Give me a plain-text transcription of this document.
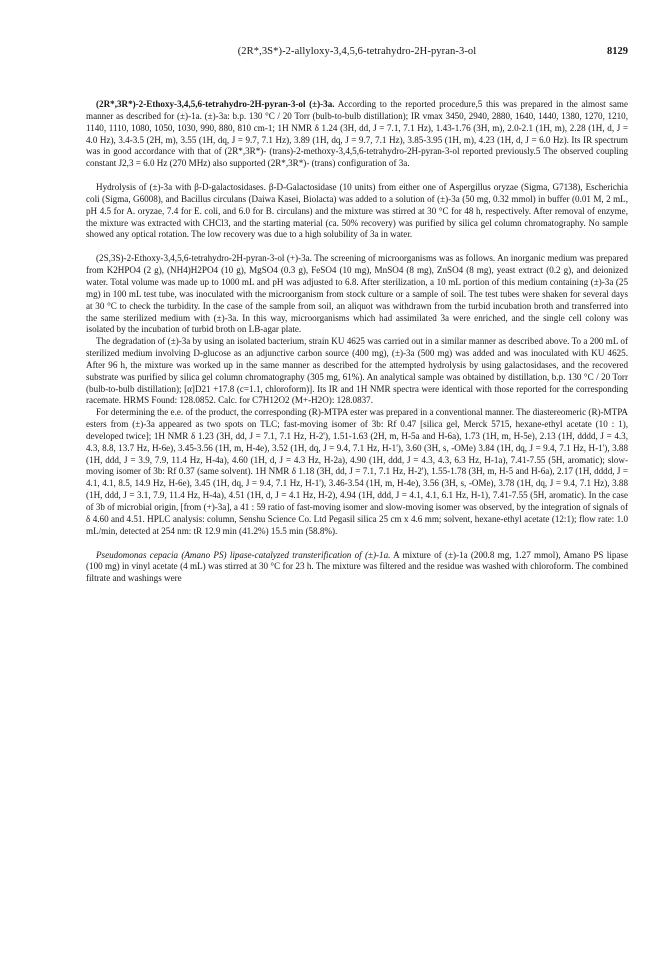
(2R*,3S*)-2-allyloxy-3,4,5,6-tetrahydro-2H-pyran-3-ol	8129

(2R*,3R*)-2-Ethoxy-3,4,5,6-tetrahydro-2H-pyran-3-ol (±)-3a. According to the reported procedure,5 this was prepared in the almost same manner as described for (±)-1a. (±)-3a: b.p. 130 °C / 20 Torr (bulb-to-bulb distillation); IR vmax 3450, 2940, 2880, 1640, 1440, 1380, 1270, 1210, 1140, 1110, 1080, 1050, 1030, 990, 880, 810 cm-1; 1H NMR δ 1.24 (3H, dd, J = 7.1, 7.1 Hz), 1.43-1.76 (3H, m), 2.0-2.1 (1H, m), 2.28 (1H, d, J = 4.0 Hz), 3.4-3.5 (2H, m), 3.55 (1H, dq, J = 9.7, 7.1 Hz), 3.89 (1H, dq, J = 9.7, 7.1 Hz), 3.85-3.95 (1H, m), 4.23 (1H, d, J = 6.0 Hz). Its IR spectrum was in good accordance with that of (2R*,3R*)- (trans)-2-methoxy-3,4,5,6-tetrahydro-2H-pyran-3-ol reported previously.5 The observed coupling constant J2,3 = 6.0 Hz (270 MHz) also supported (2R*,3R*)- (trans) configuration of 3a.

Hydrolysis of (±)-3a with β-D-galactosidases. β-D-Galactosidase (10 units) from either one of Aspergillus oryzae (Sigma, G7138), Escherichia coli (Sigma, G6008), and Bacillus circulans (Daiwa Kasei, Biolacta) was added to a solution of (±)-3a (50 mg, 0.32 mmol) in buffer (0.01 M, 2 mL, pH 4.5 for A. oryzae, 7.4 for E. coli, and 6.0 for B. circulans) and the mixture was stirred at 30 °C for 48 h, respectively. After removal of enzyme, the mixture was extracted with CHCl3, and the starting material (ca. 50% recovery) was purified by silica gel column chromatography. No sample showed any optical rotation. The low recovery was due to a high solubility of 3a in water.

(2S,3S)-2-Ethoxy-3,4,5,6-tetrahydro-2H-pyran-3-ol (+)-3a. The screening of microorganisms was as follows. An inorganic medium was prepared from K2HPO4 (2 g), (NH4)H2PO4 (10 g), MgSO4 (0.3 g), FeSO4 (10 mg), MnSO4 (8 mg), ZnSO4 (8 mg), yeast extract (0.2 g), and deionized water. Total volume was made up to 1000 mL and pH was adjusted to 6.8. After sterilization, a 10 mL portion of this medium containing (±)-3a (25 mg) in 100 mL test tube, was inoculated with the microorganism from stock culture or a sample of soil. The test tubes were shaken for several days at 30 °C to check the turbidity. In the case of the sample from soil, an aliquot was withdrawn from the turbid incubation broth and transferred into the same sterilized medium with (±)-3a. In this way, microorganisms which had assimilated 3a were enriched, and the single cell colony was isolated by the incubation of turbid broth on LB-agar plate.

The degradation of (±)-3a by using an isolated bacterium, strain KU 4625 was carried out in a similar manner as described above. To a 200 mL of sterilized medium involving D-glucose as an adjunctive carbon source (400 mg), (±)-3a (500 mg) was added and was inoculated with KU 4625. After 96 h, the mixture was worked up in the same manner as described for the attempted hydrolysis by using galactosidases, and the recovered substrate was purified by silica gel column chromatography (305 mg, 61%). An analytical sample was obtained by distillation, b.p. 130 °C / 20 Torr (bulb-to-bulb distillation); [α]D21 +17.8 (c=1.1, chloroform)]. Its IR and 1H NMR spectra were identical with those reported for the corresponding racemate. HRMS Found: 128.0852. Calc. for C7H12O2 (M+-H2O): 128.0837.

For determining the e.e. of the product, the corresponding (R)-MTPA ester was prepared in a conventional manner. The diastereomeric (R)-MTPA esters from (±)-3a appeared as two spots on TLC; fast-moving isomer of 3b: Rf 0.47 [silica gel, Merck 5715, hexane-ethyl acetate (10 : 1), developed twice]; 1H NMR δ 1.23 (3H, dd, J = 7.1, 7.1 Hz, H-2'), 1.51-1.63 (2H, m, H-5a and H-6a), 1.73 (1H, m, H-5e), 2.13 (1H, dddd, J = 4.3, 4.3, 8.8, 13.7 Hz, H-6e), 3.45-3.56 (1H, m, H-4e), 3.52 (1H, dq, J = 9.4, 7.1 Hz, H-1'), 3.60 (3H, s, -OMe) 3.84 (1H, dq, J = 9.4, 7.1 Hz, H-1'), 3.88 (1H, ddd, J = 3.9, 7.9, 11.4 Hz, H-4a), 4.60 (1H, d, J = 4.3 Hz, H-2a), 4.90 (1H, ddd, J = 4.3, 4.3, 6.3 Hz, H-1a), 7.41-7.55 (5H, aromatic); slow-moving isomer of 3b: Rf 0.37 (same solvent). 1H NMR δ 1.18 (3H, dd, J = 7.1, 7.1 Hz, H-2'), 1.55-1.78 (3H, m, H-5 and H-6a), 2.17 (1H, dddd, J = 4.1, 4.1, 8.5, 14.9 Hz, H-6e), 3.45 (1H, dq, J = 9.4, 7.1 Hz, H-1'), 3.46-3.54 (1H, m, H-4e), 3.56 (3H, s, -OMe), 3.78 (1H, dq, J = 9.4, 7.1 Hz), 3.88 (1H, ddd, J = 3.1, 7.9, 11.4 Hz, H-4a), 4.51 (1H, d, J = 4.1 Hz, H-2), 4.94 (1H, ddd, J = 4.1, 4.1, 6.1 Hz, H-1), 7.41-7.55 (5H, aromatic). In the case of 3b of microbial origin, [from (+)-3a], a 41 : 59 ratio of fast-moving isomer and slow-moving isomer was observed, by the integration of signals of δ 4.60 and 4.51. HPLC analysis: column, Senshu Science Co. Ltd Pegasil silica 25 cm x 4.6 mm; solvent, hexane-ethyl acetate (12:1); flow rate: 1.0 mL/min, detected at 254 nm: tR 12.9 min (41.2%) 15.5 min (58.8%).

Pseudomonas cepacia (Amano PS) lipase-catalyzed transterification of (±)-1a. A mixture of (±)-1a (200.8 mg, 1.27 mmol), Amano PS lipase (100 mg) in vinyl acetate (4 mL) was stirred at 30 °C for 23 h. The mixture was filtered and the residue was washed with chloroform. The combined filtrate and washings were
